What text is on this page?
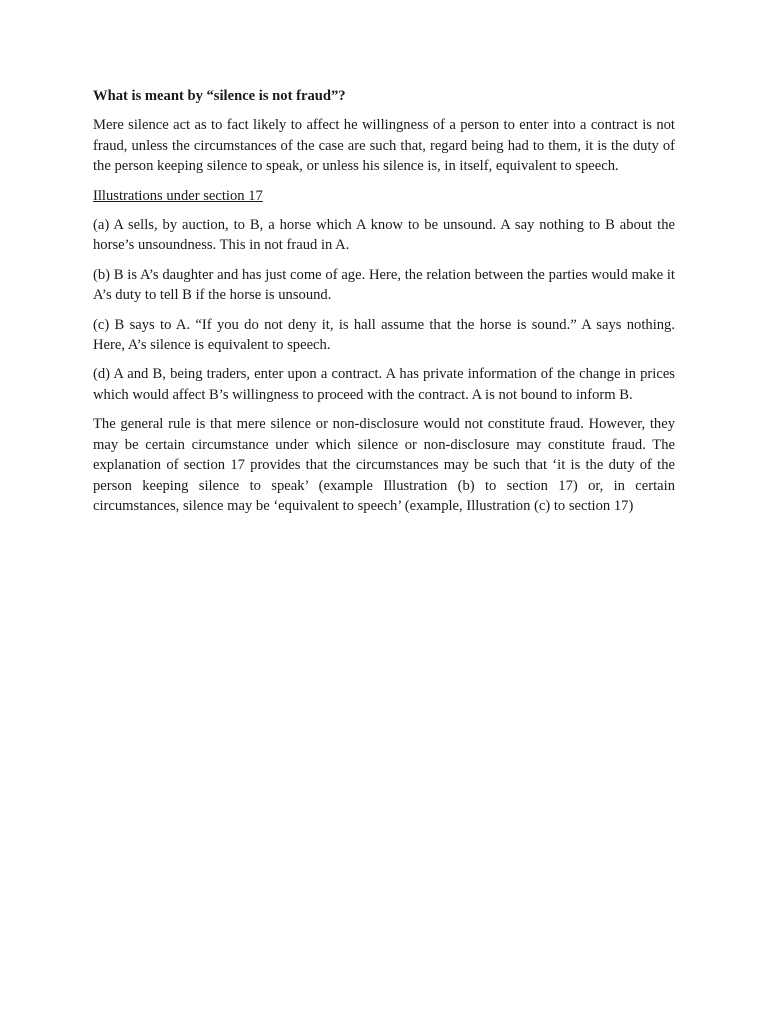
What is meant by “silence is not fraud”?

Mere silence act as to fact likely to affect he willingness of a person to enter into a contract is not fraud, unless the circumstances of the case are such that, regard being had to them, it is the duty of the person keeping silence to speak, or unless his silence is, in itself, equivalent to speech.

Illustrations under section 17

(a) A sells, by auction, to B, a horse which A know to be unsound. A say nothing to B about the horse’s unsoundness. This in not fraud in A.

(b) B is A’s daughter and has just come of age. Here, the relation between the parties would make it A’s duty to tell B if the horse is unsound.

(c) B says to A. “If you do not deny it, is hall assume that the horse is sound.” A says nothing. Here, A’s silence is equivalent to speech.

(d) A and B, being traders, enter upon a contract. A has private information of the change in prices which would affect B’s willingness to proceed with the contract. A is not bound to inform B.

The general rule is that mere silence or non-disclosure would not constitute fraud. However, they may be certain circumstance under which silence or non-disclosure may constitute fraud. The explanation of section 17 provides that the circumstances may be such that ‘it is the duty of the person keeping silence to speak’ (example Illustration (b) to section 17) or, in certain circumstances, silence may be ‘equivalent to speech’ (example, Illustration (c) to section 17)
